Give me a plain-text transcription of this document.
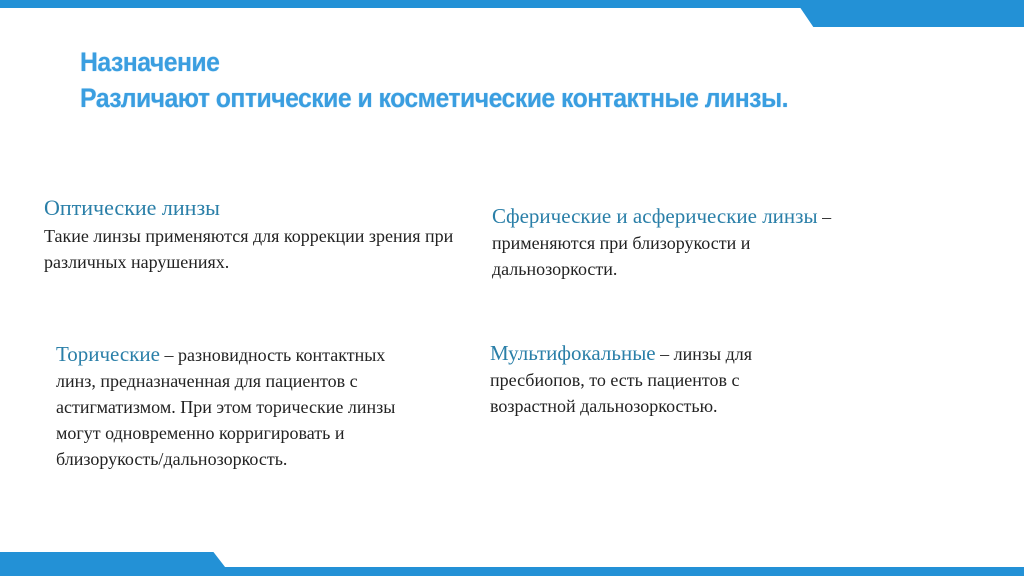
Назначение
Различают оптические и косметические контактные линзы.
Оптические линзы
Такие линзы применяются для коррекции зрения при различных нарушениях.
Сферические и асферические линзы – применяются при близорукости и дальнозоркости.
Торические – разновидность контактных линз, предназначенная для пациентов с астигматизмом. При этом торические линзы могут одновременно корригировать и близорукость/дальнозоркость.
Мультифокальные – линзы для пресбиопов, то есть пациентов с возрастной дальнозоркостью.
